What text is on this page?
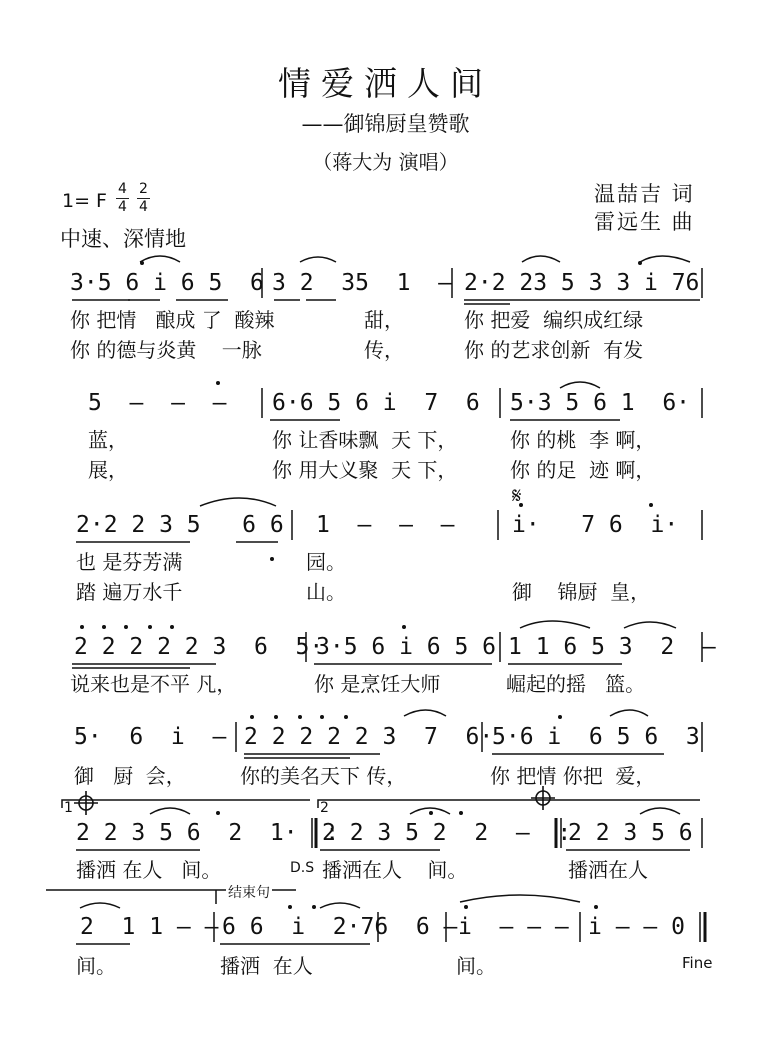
情爱洒人间
——御锦厨皇赞歌
（蒋大为 演唱）
温喆吉 词
雷远生 曲
1= F $\frac{4}{4} \frac{2}{4}$
中速、深情地
3·5 6 i 6 5  6 3 2  35  1  — 2·2 23 5 3 3 i 76
你 把情   酿成 了  酸辣	甜，	你 把爱  编织成红绿
你 的德与炎黄    一脉	传，	你 的艺求创新  有发
5  —  —  — 6·6 5 6 i  7  6 5·3 5 6 1  6·
蓝，	你 让香味飘  天 下，	你 的桃  李 啊，
展，	你 用大义聚  天 下，	你 的足  迹 啊，
𝄋
2·2 2 3 5   6 6 1  —  —  —	i·   7 6  i·
也 是芬芳满	园。
踏 遍万水千	山。	御    锦厨  皇，
2 2 2 2 2 3  6  5·
3·5 6 i 6 5 6 1 1 6 5 3  2  —
说来也是不平 凡，	你 是烹饪大师	崛起的摇   篮。
5·  6  i  — 2 2 2 2 2 3  7  6·
5·6 i  6 5 6  3
御   厨  会，	你的美名天下 传，	你 把情 你把  爱，
1	2
2 2 3 5 6  2  1·  :
2 2 3 5 2  2  —  :
2 2 3 5 6
播洒 在人   间。	D.S 播洒在人    间。	播洒在人
结束句
2  1 1 — — 6 6  i  2·76  6 — i  — — — i — — 0
间。	播洒  在人	间。	Fine
